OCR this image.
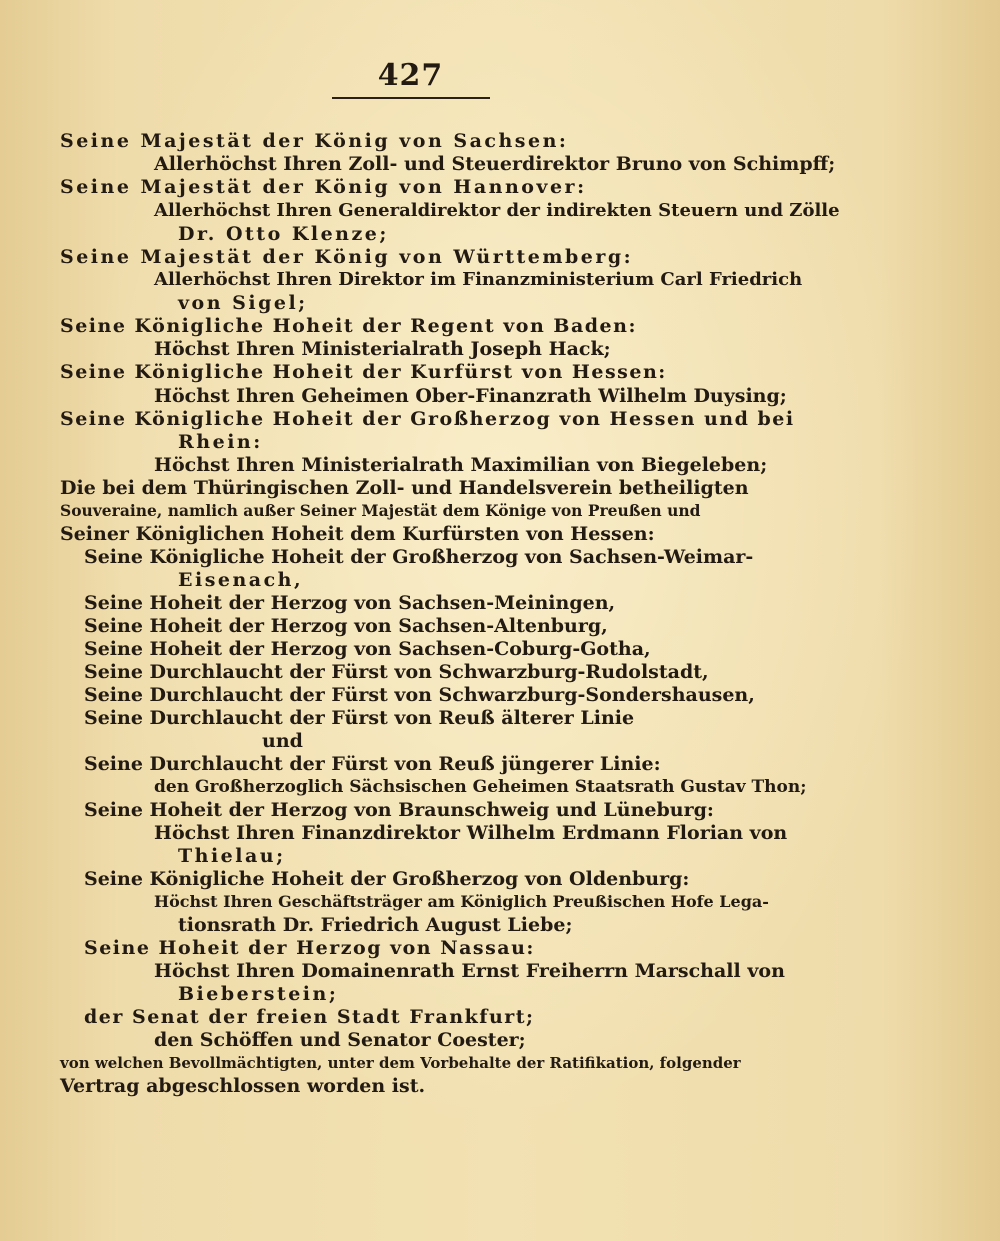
427
Seine Majestät der König von Sachsen:
Allerhöchst Ihren Zoll- und Steuerdirektor Bruno von Schimpff;
Seine Majestät der König von Hannover:
Allerhöchst Ihren Generaldirektor der indirekten Steuern und Zölle
Dr. Otto Klenze;
Seine Majestät der König von Württemberg:
Allerhöchst Ihren Direktor im Finanzministerium Carl Friedrich
von Sigel;
Seine Königliche Hoheit der Regent von Baden:
Höchst Ihren Ministerialrath Joseph Hack;
Seine Königliche Hoheit der Kurfürst von Hessen:
Höchst Ihren Geheimen Ober-Finanzrath Wilhelm Duysing;
Seine Königliche Hoheit der Großherzog von Hessen und bei
Rhein:
Höchst Ihren Ministerialrath Maximilian von Biegeleben;
Die bei dem Thüringischen Zoll- und Handelsverein betheiligten
Souveraine, namlich außer Seiner Majestät dem Könige von Preußen und
Seiner Königlichen Hoheit dem Kurfürsten von Hessen:
Seine Königliche Hoheit der Großherzog von Sachsen-Weimar-
Eisenach,
Seine Hoheit der Herzog von Sachsen-Meiningen,
Seine Hoheit der Herzog von Sachsen-Altenburg,
Seine Hoheit der Herzog von Sachsen-Coburg-Gotha,
Seine Durchlaucht der Fürst von Schwarzburg-Rudolstadt,
Seine Durchlaucht der Fürst von Schwarzburg-Sondershausen,
Seine Durchlaucht der Fürst von Reuß älterer Linie
und
Seine Durchlaucht der Fürst von Reuß jüngerer Linie:
den Großherzoglich Sächsischen Geheimen Staatsrath Gustav Thon;
Seine Hoheit der Herzog von Braunschweig und Lüneburg:
Höchst Ihren Finanzdirektor Wilhelm Erdmann Florian von
Thielau;
Seine Königliche Hoheit der Großherzog von Oldenburg:
Höchst Ihren Geschäftsträger am Königlich Preußischen Hofe Lega-
tionsrath Dr. Friedrich August Liebe;
Seine Hoheit der Herzog von Nassau:
Höchst Ihren Domainenrath Ernst Freiherrn Marschall von
Bieberstein;
der Senat der freien Stadt Frankfurt;
den Schöffen und Senator Coester;
von welchen Bevollmächtigten, unter dem Vorbehalte der Ratifikation, folgender
Vertrag abgeschlossen worden ist.
